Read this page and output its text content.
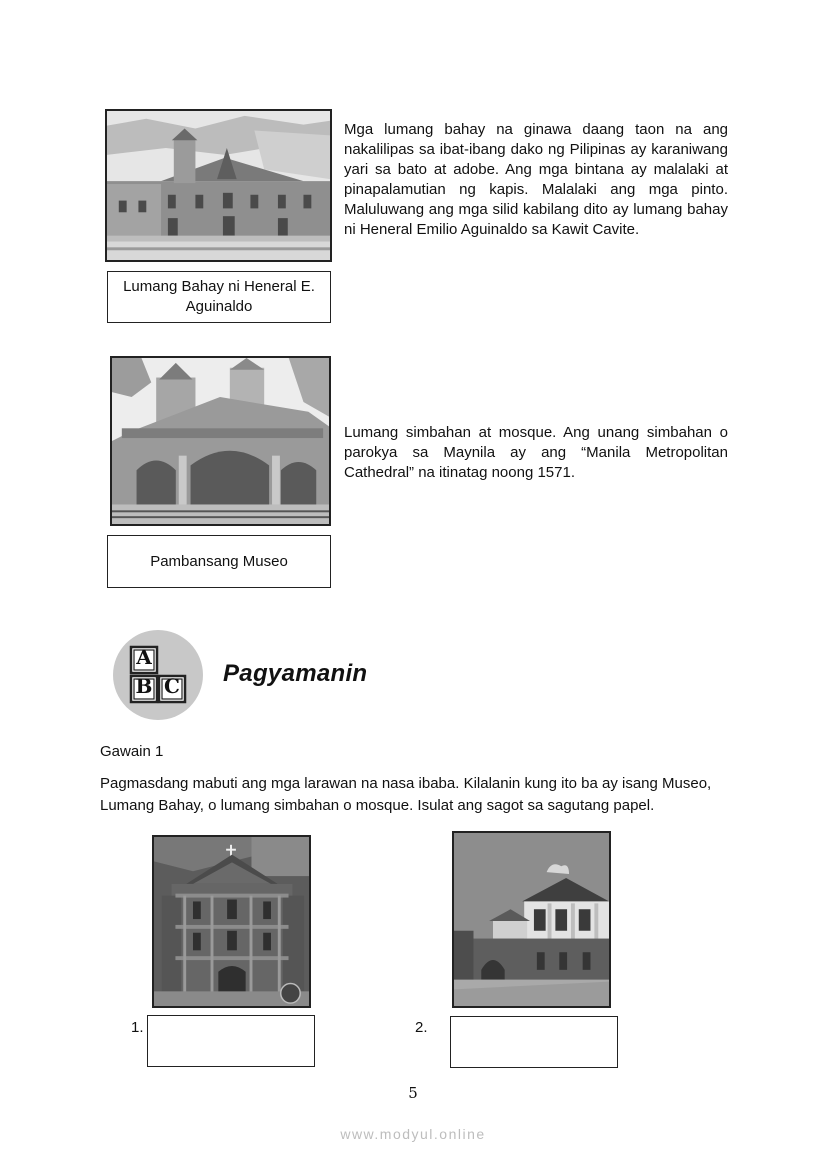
Lumang Bahay ni Heneral E. Aguinaldo
Mga lumang bahay na ginawa daang taon na ang nakalilipas sa ibat-ibang dako ng Pilipinas ay karaniwang yari sa bato at adobe. Ang mga bintana ay malalaki at pinapalamutian ng kapis. Malalaki ang mga pinto. Maluluwang ang mga silid kabilang dito ay lumang bahay ni Heneral Emilio Aguinaldo sa Kawit Cavite.
Pambansang Museo
Lumang simbahan at mosque. Ang unang simbahan o parokya sa Maynila ay ang “Manila Metropolitan Cathedral” na itinatag noong 1571.
A
B C Pagyamanin
Gawain 1
Pagmasdang mabuti ang mga larawan na nasa ibaba. Kilalanin kung ito ba ay isang Museo, Lumang Bahay, o lumang simbahan o mosque. Isulat ang sagot sa sagutang papel.
1.	2.
5
www.modyul.online
